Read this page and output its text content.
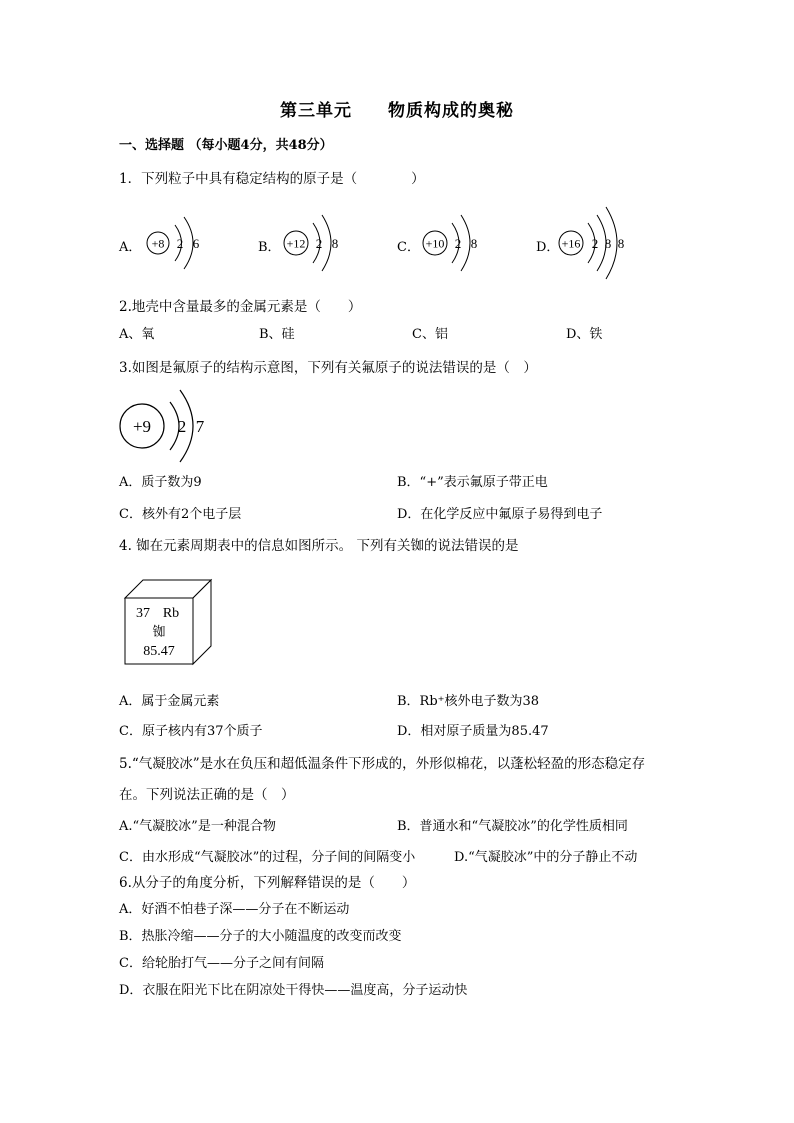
第三单元　　物质构成的奥秘
一、选择题 （每小题4分，共48分）
1．下列粒子中具有稳定结构的原子是（　　　　）
A． +8 2 6	B． +12 2 8	C． +10 2 8	D． +16 2 8 8
2.地壳中含量最多的金属元素是（　　）
A、氧	B、硅	C、铝	D、铁
3.如图是氟原子的结构示意图，下列有关氟原子的说法错误的是（　）
+9 2 7
A．质子数为9	B．“+”表示氟原子带正电
C．核外有2个电子层	D．在化学反应中氟原子易得到电子
4. 铷在元素周期表中的信息如图所示。 下列有关铷的说法错误的是
37 Rb
铷
85.47
A．属于金属元素	B．Rb⁺核外电子数为38
C．原子核内有37个质子	D．相对原子质量为85.47
5.“气凝胶冰”是水在负压和超低温条件下形成的，外形似棉花，以蓬松轻盈的形态稳定存
在。下列说法正确的是（　）
A.“气凝胶冰”是一种混合物	B．普通水和“气凝胶冰”的化学性质相同
C．由水形成“气凝胶冰”的过程，分子间的间隔变小	D.“气凝胶冰”中的分子静止不动
6.从分子的角度分析，下列解释错误的是（　　）
A．好酒不怕巷子深——分子在不断运动
B．热胀冷缩——分子的大小随温度的改变而改变
C．给轮胎打气——分子之间有间隔
D．衣服在阳光下比在阴凉处干得快——温度高，分子运动快
